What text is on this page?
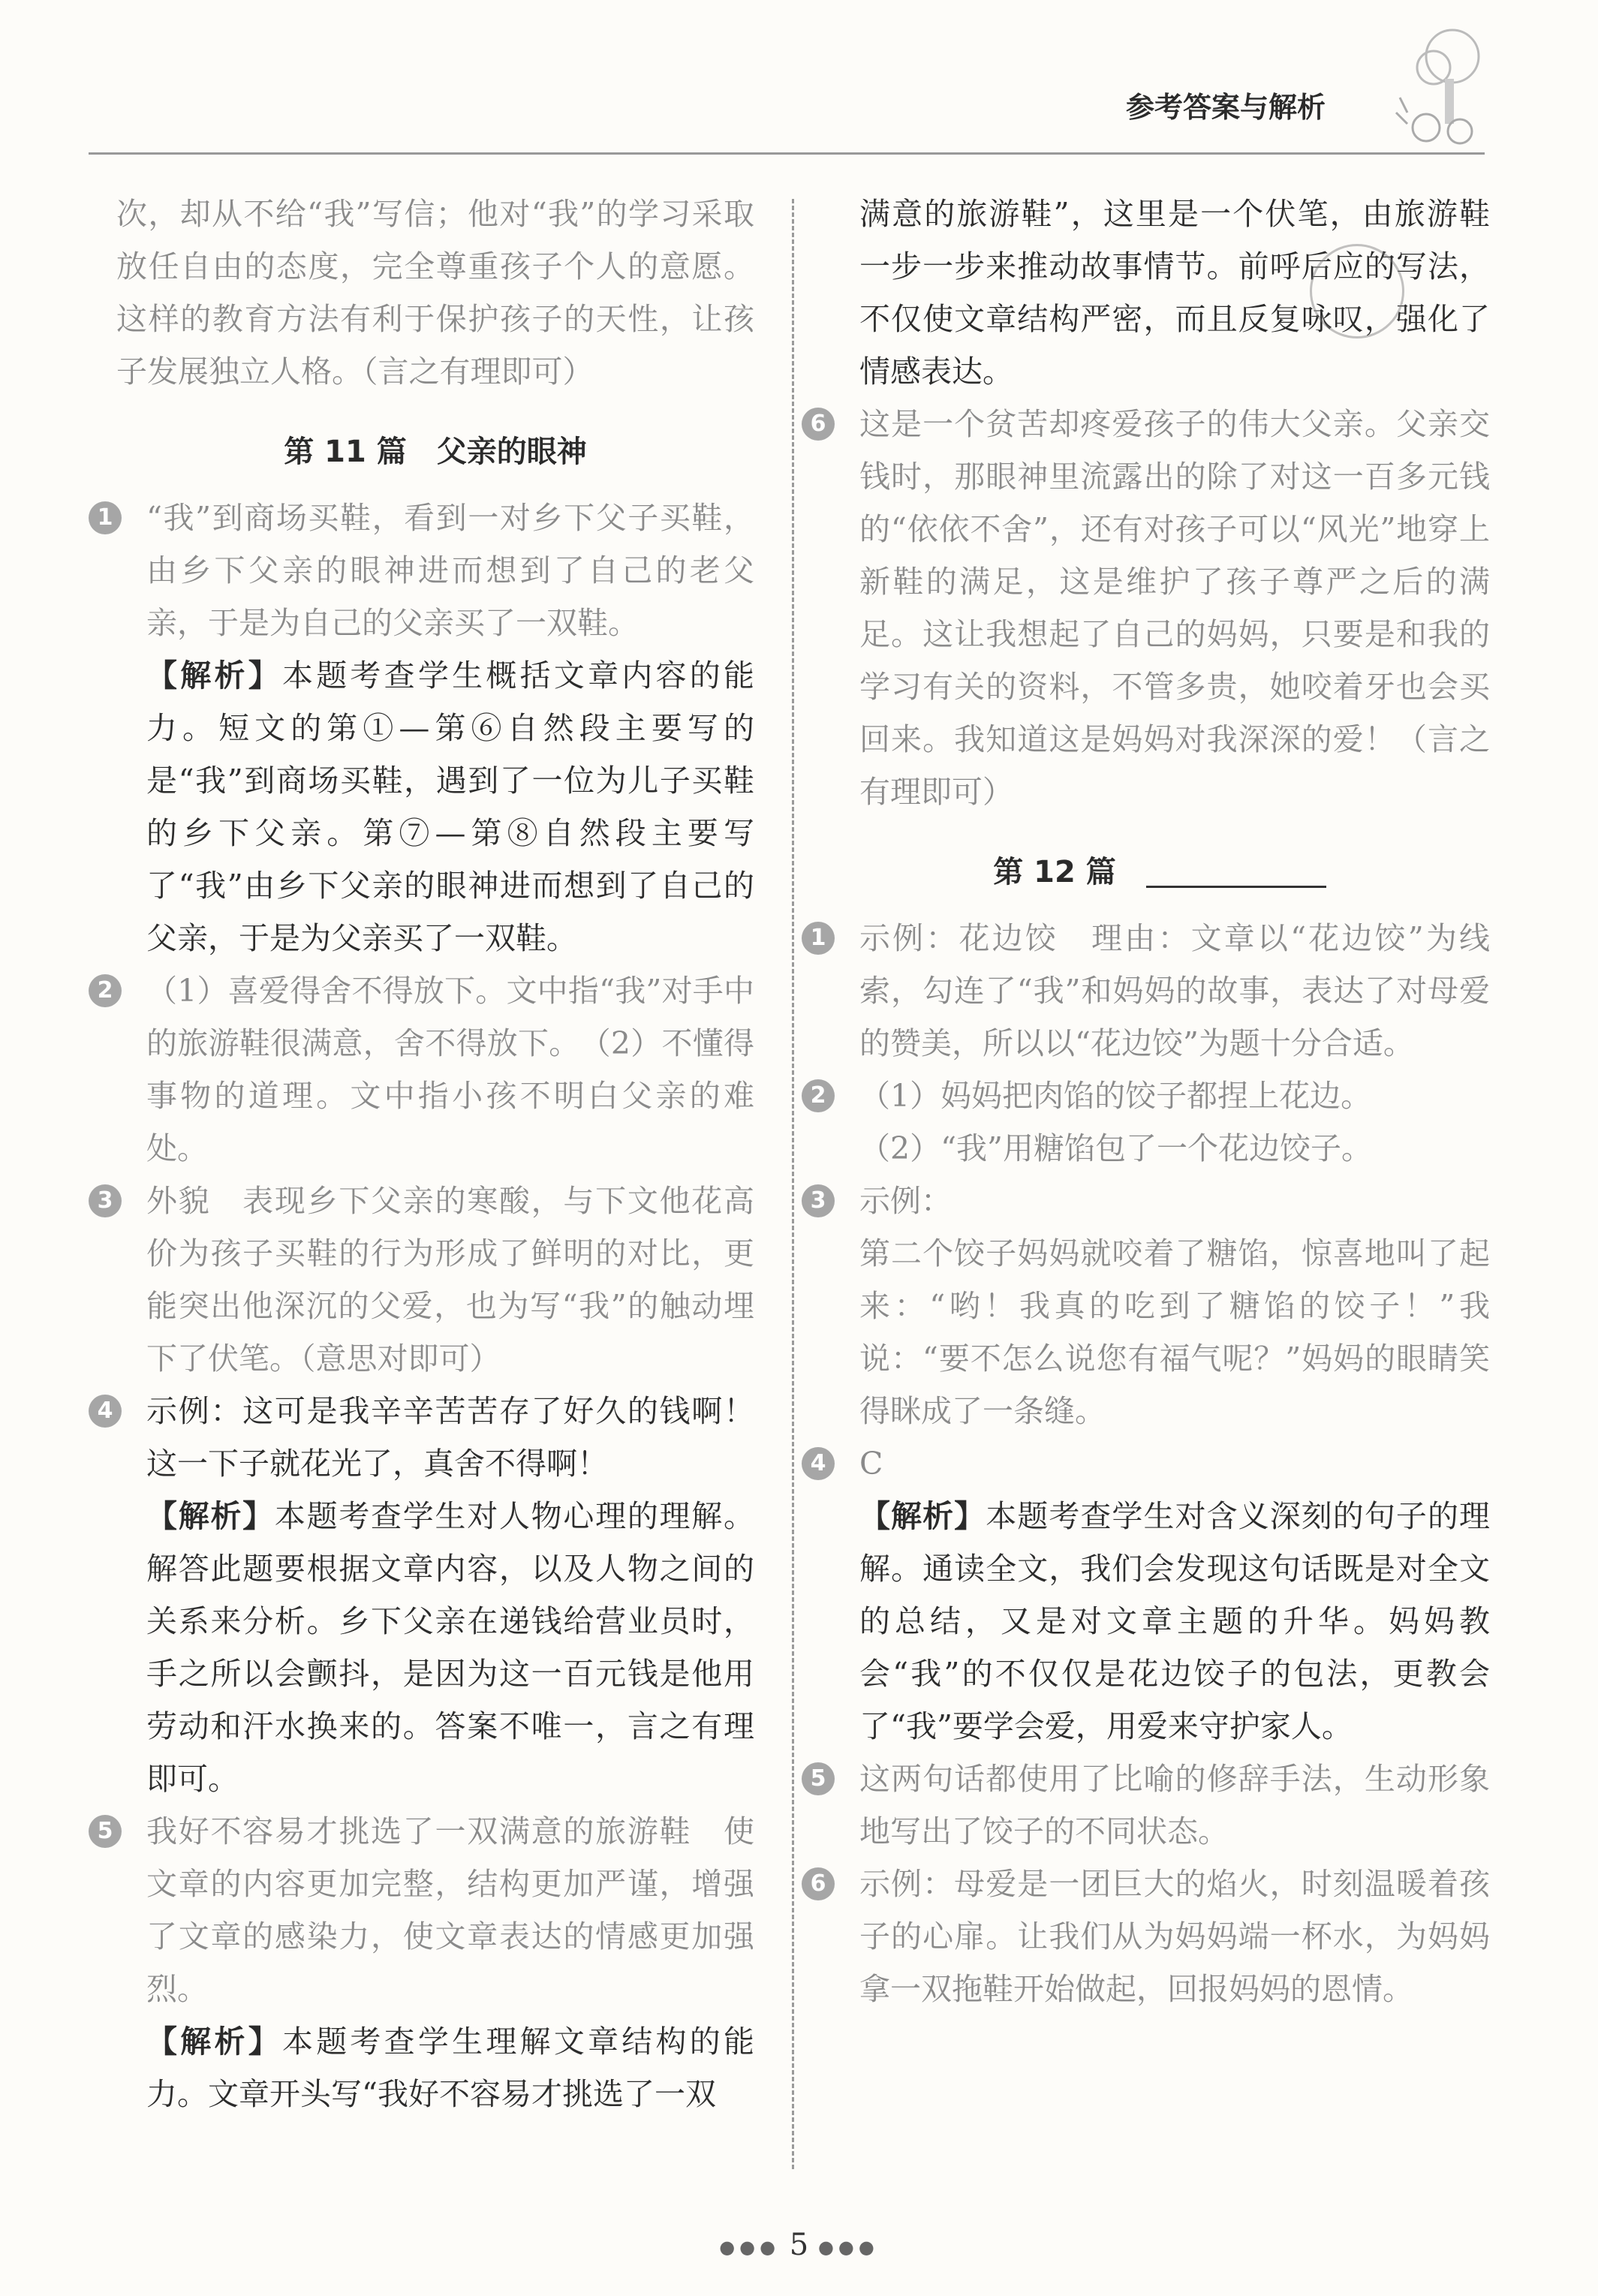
参考答案与解析

次，却从不给“我”写信；他对“我”的学习采取放任自由的态度，完全尊重孩子个人的意愿。这样的教育方法有利于保护孩子的天性，让孩子发展独立人格。（言之有理即可）

第 11 篇　父亲的眼神
1 “我”到商场买鞋，看到一对乡下父子买鞋，由乡下父亲的眼神进而想到了自己的老父亲，于是为自己的父亲买了一双鞋。

【解析】本题考查学生概括文章内容的能力。短文的第①—第⑥自然段主要写的是“我”到商场买鞋，遇到了一位为儿子买鞋的乡下父亲。第⑦—第⑧自然段主要写了“我”由乡下父亲的眼神进而想到了自己的父亲，于是为父亲买了一双鞋。

2 （1）喜爱得舍不得放下。文中指“我”对手中的旅游鞋很满意，舍不得放下。　（2）不懂得事物的道理。文中指小孩不明白父亲的难处。

3 外貌　表现乡下父亲的寒酸，与下文他花高价为孩子买鞋的行为形成了鲜明的对比，更能突出他深沉的父爱，也为写“我”的触动埋下了伏笔。（意思对即可）

4 示例：这可是我辛辛苦苦存了好久的钱啊！这一下子就花光了，真舍不得啊！

【解析】本题考查学生对人物心理的理解。解答此题要根据文章内容，以及人物之间的关系来分析。乡下父亲在递钱给营业员时，手之所以会颤抖，是因为这一百元钱是他用劳动和汗水换来的。答案不唯一，言之有理即可。

5 我好不容易才挑选了一双满意的旅游鞋　使文章的内容更加完整，结构更加严谨，增强了文章的感染力，使文章表达的情感更加强烈。

【解析】本题考查学生理解文章结构的能力。文章开头写“我好不容易才挑选了一双

满意的旅游鞋”，这里是一个伏笔，由旅游鞋一步一步来推动故事情节。前呼后应的写法，不仅使文章结构严密，而且反复咏叹，强化了情感表达。

6 这是一个贫苦却疼爱孩子的伟大父亲。父亲交钱时，那眼神里流露出的除了对这一百多元钱的“依依不舍”，还有对孩子可以“风光”地穿上新鞋的满足，这是维护了孩子尊严之后的满足。这让我想起了自己的妈妈，只要是和我的学习有关的资料，不管多贵，她咬着牙也会买回来。我知道这是妈妈对我深深的爱！（言之有理即可）

第 12 篇
1 示例：花边饺　理由：文章以“花边饺”为线索，勾连了“我”和妈妈的故事，表达了对母爱的赞美，所以以“花边饺”为题十分合适。

2 （1）妈妈把肉馅的饺子都捏上花边。

（2）“我”用糖馅包了一个花边饺子。

3 示例：

第二个饺子妈妈就咬着了糖馅，惊喜地叫了起来：“哟！我真的吃到了糖馅的饺子！”我说：“要不怎么说您有福气呢？”妈妈的眼睛笑得眯成了一条缝。

4 C

【解析】本题考查学生对含义深刻的句子的理解。通读全文，我们会发现这句话既是对全文的总结，又是对文章主题的升华。妈妈教会“我”的不仅仅是花边饺子的包法，更教会了“我”要学会爱，用爱来守护家人。

5 这两句话都使用了比喻的修辞手法，生动形象地写出了饺子的不同状态。

6 示例：母爱是一团巨大的焰火，时刻温暖着孩子的心扉。让我们从为妈妈端一杯水，为妈妈拿一双拖鞋开始做起，回报妈妈的恩情。

●●● 5 ●●●
